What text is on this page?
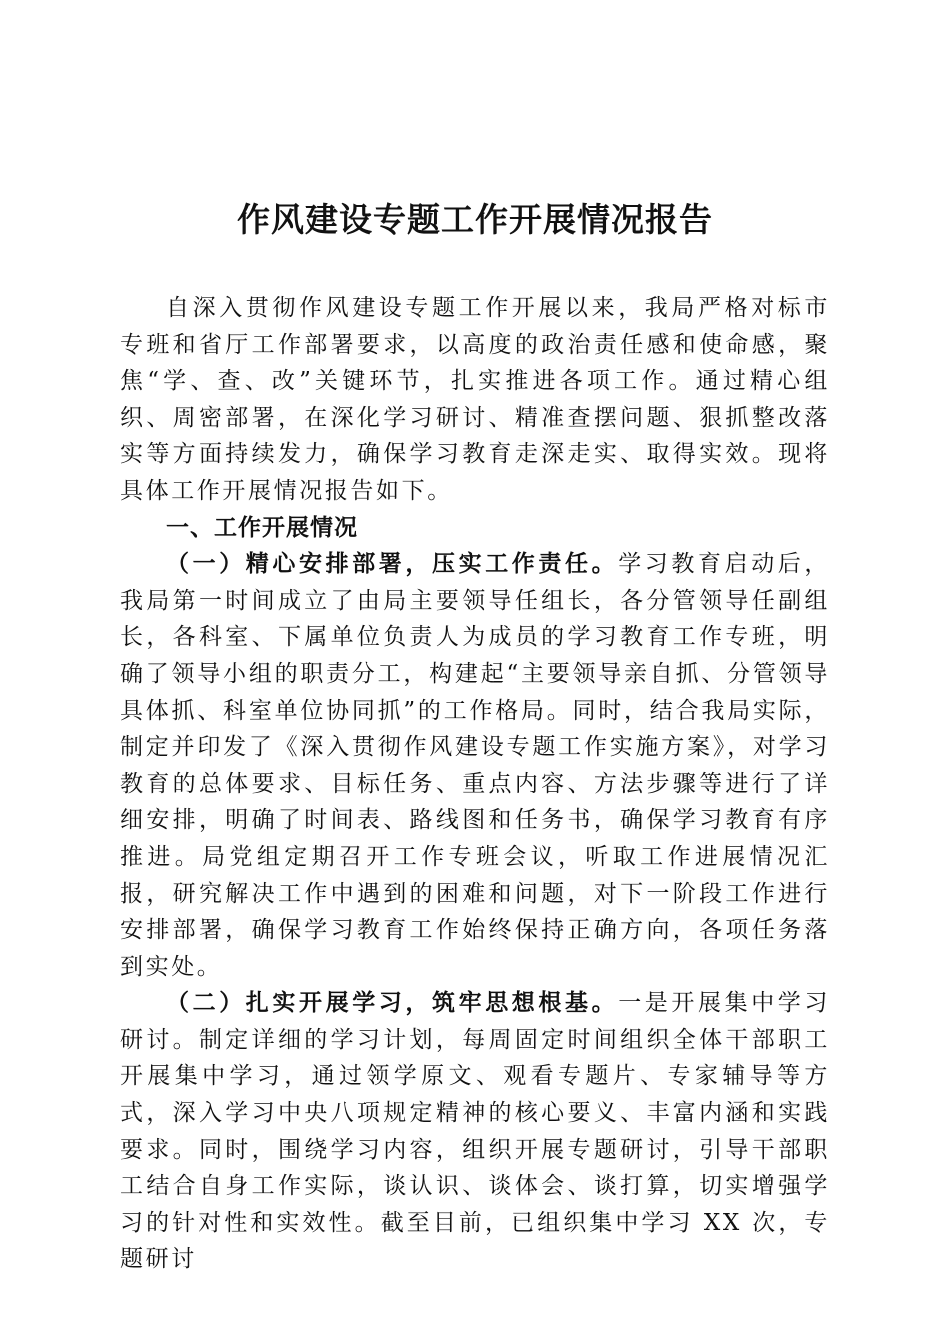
作风建设专题工作开展情况报告

自深入贯彻作风建设专题工作开展以来，我局严格对标市专班和省厅工作部署要求，以高度的政治责任感和使命感，聚焦“学、查、改”关键环节，扎实推进各项工作。通过精心组织、周密部署，在深化学习研讨、精准查摆问题、狠抓整改落实等方面持续发力，确保学习教育走深走实、取得实效。现将具体工作开展情况报告如下。

一、工作开展情况

（一）精心安排部署，压实工作责任。学习教育启动后，我局第一时间成立了由局主要领导任组长，各分管领导任副组长，各科室、下属单位负责人为成员的学习教育工作专班，明确了领导小组的职责分工，构建起“主要领导亲自抓、分管领导具体抓、科室单位协同抓”的工作格局。同时，结合我局实际，制定并印发了《深入贯彻作风建设专题工作实施方案》，对学习教育的总体要求、目标任务、重点内容、方法步骤等进行了详细安排，明确了时间表、路线图和任务书，确保学习教育有序推进。局党组定期召开工作专班会议，听取工作进展情况汇报，研究解决工作中遇到的困难和问题，对下一阶段工作进行安排部署，确保学习教育工作始终保持正确方向，各项任务落到实处。

（二）扎实开展学习，筑牢思想根基。一是开展集中学习研讨。制定详细的学习计划，每周固定时间组织全体干部职工开展集中学习，通过领学原文、观看专题片、专家辅导等方式，深入学习中央八项规定精神的核心要义、丰富内涵和实践要求。同时，围绕学习内容，组织开展专题研讨，引导干部职工结合自身工作实际，谈认识、谈体会、谈打算，切实增强学习的针对性和实效性。截至目前，已组织集中学习 XX 次，专题研讨
